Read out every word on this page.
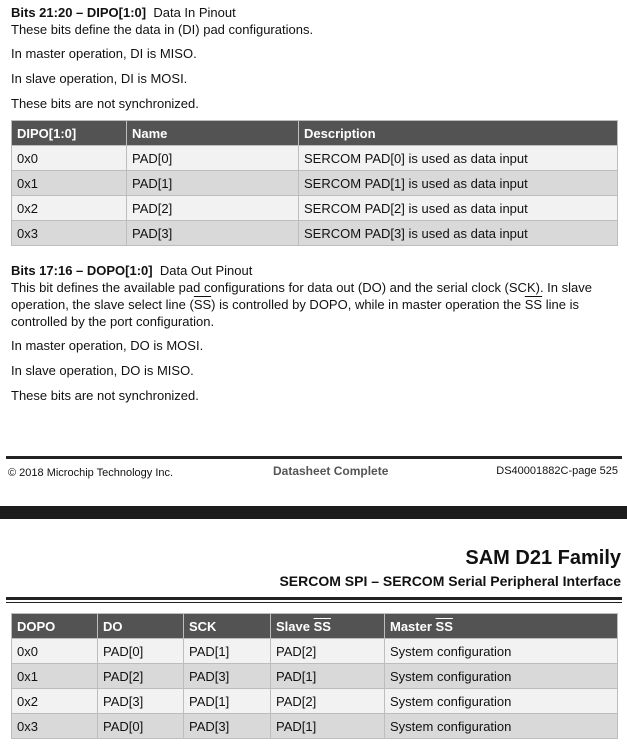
Bits 21:20 – DIPO[1:0] Data In Pinout

These bits define the data in (DI) pad configurations.

In master operation, DI is MISO.

In slave operation, DI is MOSI.

These bits are not synchronized.

DIPO[1:0]	Name	Description
0x0	PAD[0]	SERCOM PAD[0] is used as data input
0x1	PAD[1]	SERCOM PAD[1] is used as data input
0x2	PAD[2]	SERCOM PAD[2] is used as data input
0x3	PAD[3]	SERCOM PAD[3] is used as data input
Bits 17:16 – DOPO[1:0] Data Out Pinout
This bit defines the available pad configurations for data out (DO) and the serial clock (SCK). In slave
operation, the slave select line $(\overline{SS})$ is controlled by DOPO, while in master operation the $\overline{SS}$ line is
controlled by the port configuration.

In master operation, DO is MOSI.

In slave operation, DO is MISO.

These bits are not synchronized.

© 2018 Microchip Technology Inc.	Datasheet Complete	DS40001882C-page 525
SAM D21 Family
SERCOM SPI – SERCOM Serial Peripheral Interface
DOPO	DO	SCK	Slave $\overline{SS}$	Master $\overline{SS}$
0x0	PAD[0]	PAD[1]	PAD[2]	System configuration
0x1	PAD[2]	PAD[3]	PAD[1]	System configuration
0x2	PAD[3]	PAD[1]	PAD[2]	System configuration
0x3	PAD[0]	PAD[3]	PAD[1]	System configuration
